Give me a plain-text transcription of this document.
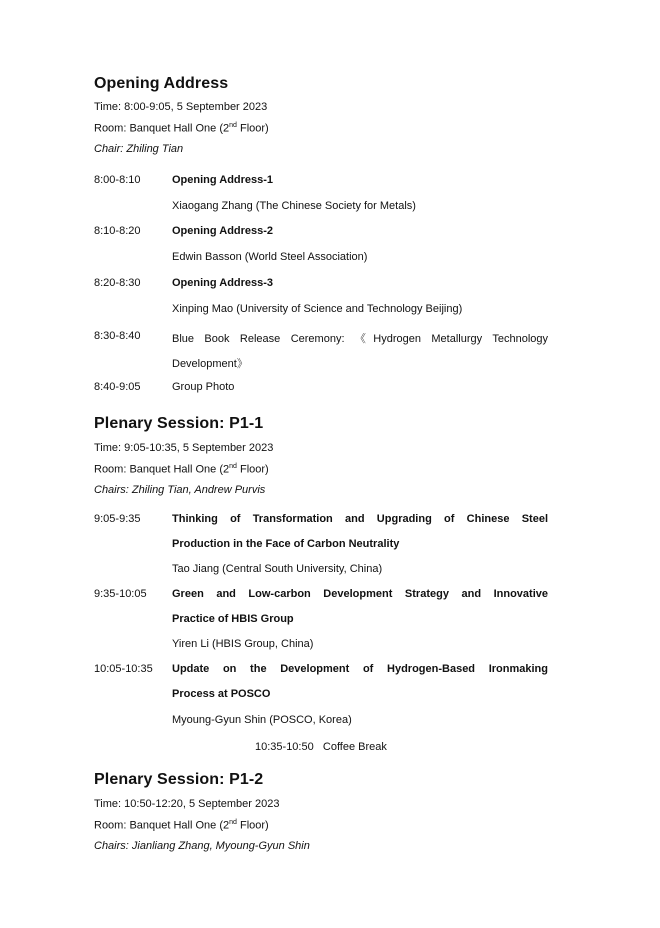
Opening Address
Time: 8:00-9:05, 5 September 2023
Room: Banquet Hall One (2nd Floor)
Chair: Zhiling Tian
8:00-8:10	Opening Address-1
Xiaogang Zhang (The Chinese Society for Metals)
8:10-8:20	Opening Address-2
Edwin Basson (World Steel Association)
8:20-8:30	Opening Address-3
Xinping Mao (University of Science and Technology Beijing)
8:30-8:40	Blue Book Release Ceremony: 《Hydrogen Metallurgy Technology
Development》
8:40-9:05	Group Photo
Plenary Session: P1-1
Time: 9:05-10:35, 5 September 2023
Room: Banquet Hall One (2nd Floor)
Chairs: Zhiling Tian, Andrew Purvis
9:05-9:35	Thinking of Transformation and Upgrading of Chinese Steel
Production in the Face of Carbon Neutrality
Tao Jiang (Central South University, China)
9:35-10:05 Green and Low-carbon Development Strategy and Innovative
Practice of HBIS Group
Yiren Li (HBIS Group, China)
10:05-10:35 Update on the Development of Hydrogen-Based Ironmaking
Process at POSCO
Myoung-Gyun Shin (POSCO, Korea)
10:35-10:50   Coffee Break
Plenary Session: P1-2
Time: 10:50-12:20, 5 September 2023
Room: Banquet Hall One (2nd Floor)
Chairs: Jianliang Zhang, Myoung-Gyun Shin
